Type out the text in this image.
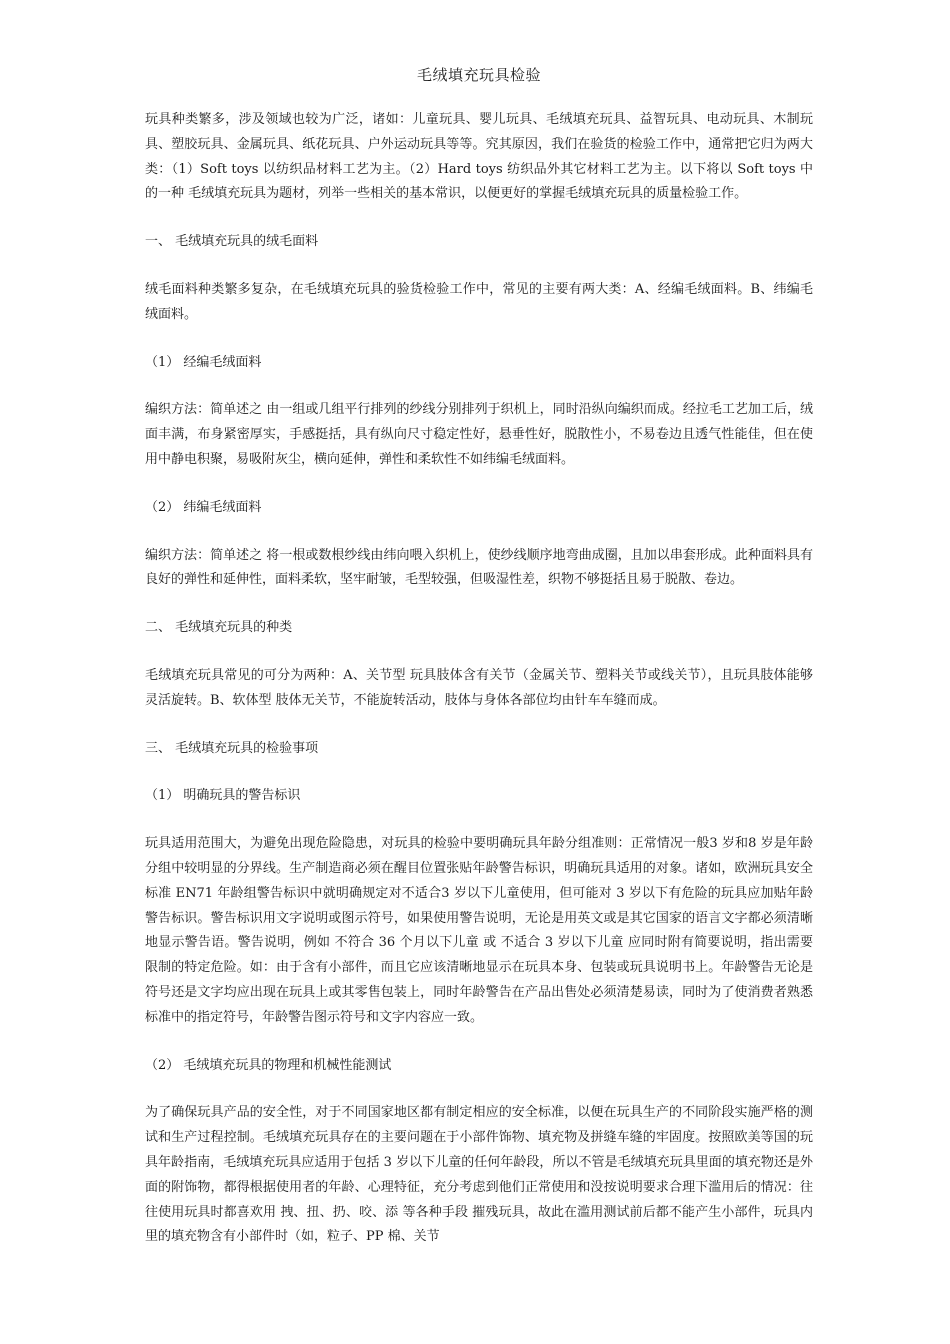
毛绒填充玩具检验

玩具种类繁多，涉及领域也较为广泛，诸如：儿童玩具、婴儿玩具、毛绒填充玩具、益智玩具、电动玩具、木制玩具、塑胶玩具、金属玩具、纸花玩具、户外运动玩具等等。究其原因，我们在验货的检验工作中，通常把它归为两大类：（1）Soft toys 以纺织品材料工艺为主。（2）Hard toys 纺织品外其它材料工艺为主。以下将以 Soft toys 中的一种 毛绒填充玩具为题材，列举一些相关的基本常识，以便更好的掌握毛绒填充玩具的质量检验工作。

一、 毛绒填充玩具的绒毛面料

绒毛面料种类繁多复杂，在毛绒填充玩具的验货检验工作中，常见的主要有两大类：A、经编毛绒面料。B、纬编毛绒面料。

（1） 经编毛绒面料

编织方法：简单述之 由一组或几组平行排列的纱线分别排列于织机上，同时沿纵向编织而成。经拉毛工艺加工后，绒面丰满，布身紧密厚实，手感挺括，具有纵向尺寸稳定性好，悬垂性好，脱散性小，不易卷边且透气性能佳，但在使用中静电积聚，易吸附灰尘，横向延伸，弹性和柔软性不如纬编毛绒面料。

（2） 纬编毛绒面料

编织方法：简单述之 将一根或数根纱线由纬向喂入织机上，使纱线顺序地弯曲成圈，且加以串套形成。此种面料具有良好的弹性和延伸性，面料柔软，坚牢耐皱，毛型较强，但吸湿性差，织物不够挺括且易于脱散、卷边。

二、 毛绒填充玩具的种类

毛绒填充玩具常见的可分为两种：A、关节型 玩具肢体含有关节（金属关节、塑料关节或线关节），且玩具肢体能够灵活旋转。B、软体型 肢体无关节，不能旋转活动，肢体与身体各部位均由针车车缝而成。

三、 毛绒填充玩具的检验事项
（1） 明确玩具的警告标识

玩具适用范围大，为避免出现危险隐患，对玩具的检验中要明确玩具年龄分组准则：正常情况一般3 岁和8 岁是年龄分组中较明显的分界线。生产制造商必须在醒目位置张贴年龄警告标识，明确玩具适用的对象。诸如，欧洲玩具安全标准 EN71 年龄组警告标识中就明确规定对不适合3 岁以下儿童使用，但可能对 3 岁以下有危险的玩具应加贴年龄警告标识。警告标识用文字说明或图示符号，如果使用警告说明，无论是用英文或是其它国家的语言文字都必须清晰地显示警告语。警告说明，例如 不符合 36 个月以下儿童 或 不适合 3 岁以下儿童 应同时附有简要说明，指出需要限制的特定危险。如：由于含有小部件，而且它应该清晰地显示在玩具本身、包装或玩具说明书上。年龄警告无论是符号还是文字均应出现在玩具上或其零售包装上，同时年龄警告在产品出售处必须清楚易读，同时为了使消费者熟悉标准中的指定符号，年龄警告图示符号和文字内容应一致。

（2） 毛绒填充玩具的物理和机械性能测试

为了确保玩具产品的安全性，对于不同国家地区都有制定相应的安全标准，以便在玩具生产的不同阶段实施严格的测试和生产过程控制。毛绒填充玩具存在的主要问题在于小部件饰物、填充物及拼缝车缝的牢固度。按照欧美等国的玩具年龄指南，毛绒填充玩具应适用于包括 3 岁以下儿童的任何年龄段，所以不管是毛绒填充玩具里面的填充物还是外面的附饰物，都得根据使用者的年龄、心理特征，充分考虑到他们正常使用和没按说明要求合理下滥用后的情况：往往使用玩具时都喜欢用 拽、扭、扔、咬、添 等各种手段 摧残玩具，故此在滥用测试前后都不能产生小部件，玩具内里的填充物含有小部件时（如，粒子、PP 棉、关节
